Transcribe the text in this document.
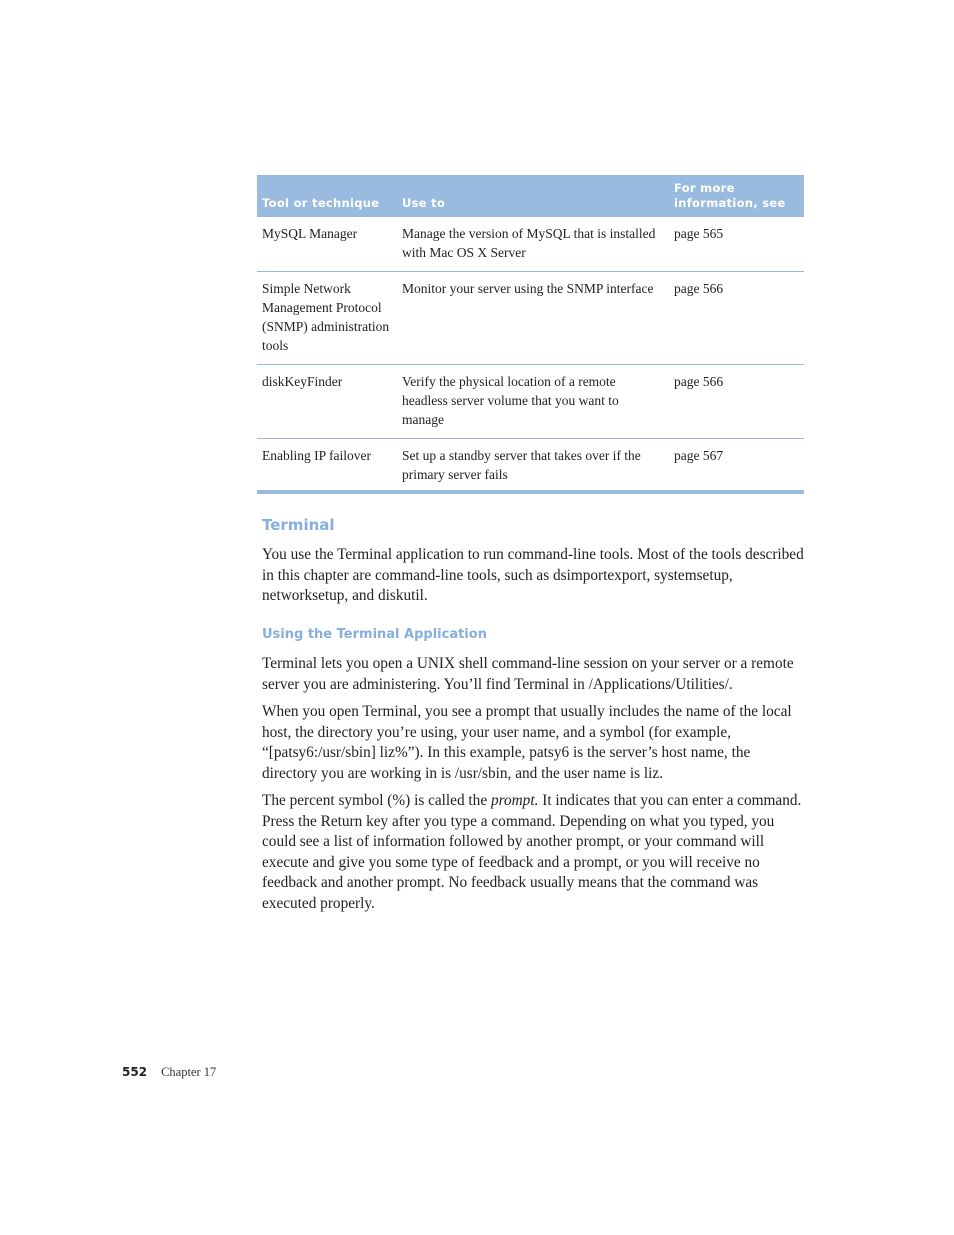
Tool or technique	Use to	For more information, see
MySQL Manager	Manage the version of MySQL that is installed with Mac OS X Server	page 565
Simple Network Management Protocol (SNMP) administration tools	Monitor your server using the SNMP interface	page 566
diskKeyFinder	Verify the physical location of a remote headless server volume that you want to manage	page 566
Enabling IP failover	Set up a standby server that takes over if the primary server fails	page 567
Terminal

You use the Terminal application to run command-line tools. Most of the tools described in this chapter are command-line tools, such as dsimportexport, systemsetup, networksetup, and diskutil.

Using the Terminal Application

Terminal lets you open a UNIX shell command-line session on your server or a remote server you are administering. You’ll find Terminal in /Applications/Utilities/.

When you open Terminal, you see a prompt that usually includes the name of the local host, the directory you’re using, your user name, and a symbol (for example, “[patsy6:/usr/sbin] liz%”). In this example, patsy6 is the server’s host name, the directory you are working in is /usr/sbin, and the user name is liz.

The percent symbol (%) is called the prompt. It indicates that you can enter a command. Press the Return key after you type a command. Depending on what you typed, you could see a list of information followed by another prompt, or your command will execute and give you some type of feedback and a prompt, or you will receive no feedback and another prompt. No feedback usually means that the command was executed properly.

552 Chapter 17
